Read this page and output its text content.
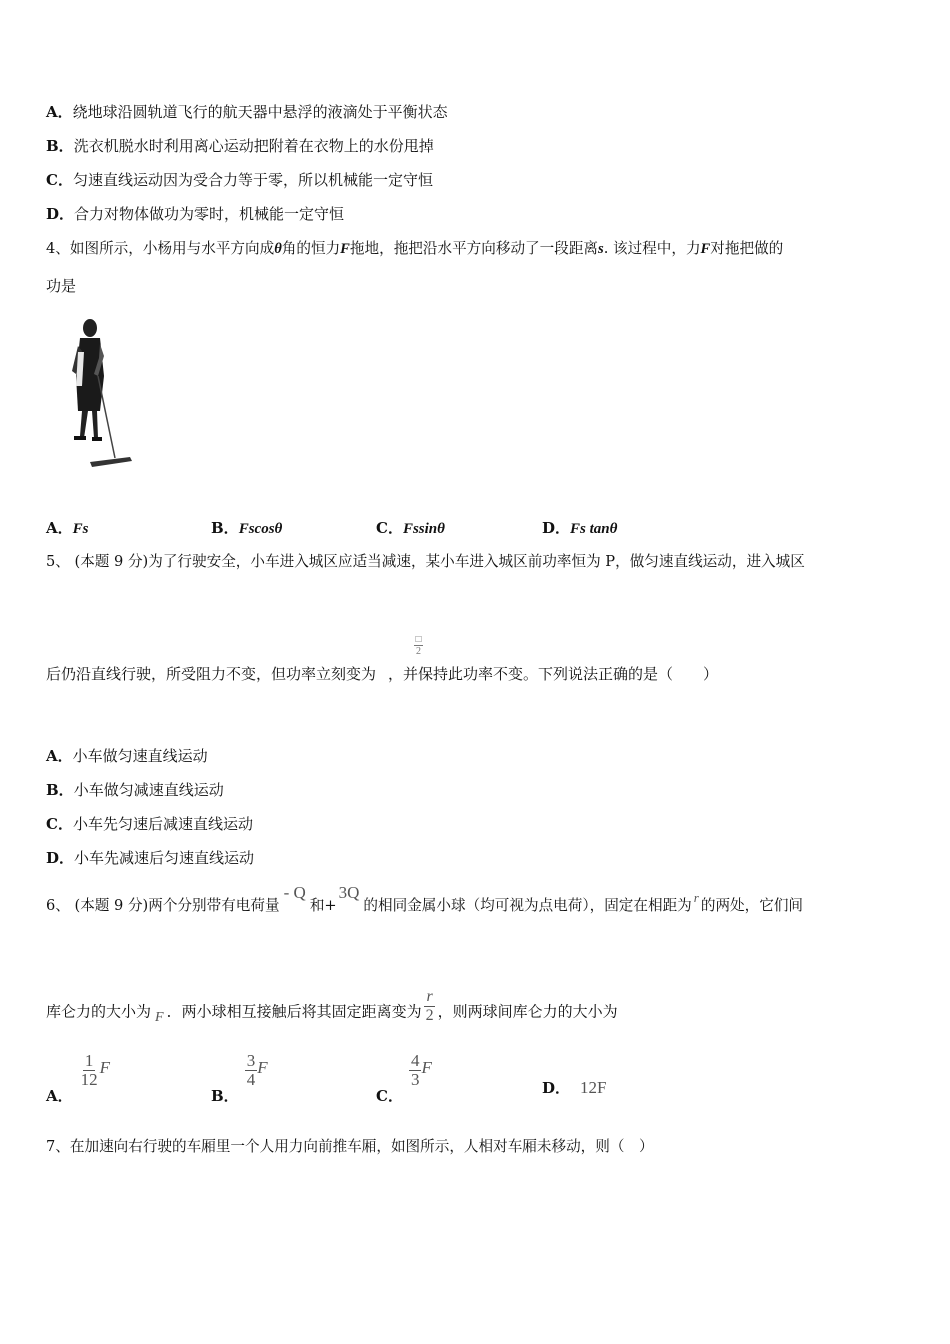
A．绕地球沿圆轨道飞行的航天器中悬浮的液滴处于平衡状态
B．洗衣机脱水时利用离心运动把附着在衣物上的水份甩掉
C．匀速直线运动因为受合力等于零，所以机械能一定守恒
D．合力对物体做功为零时，机械能一定守恒
4、如图所示，小杨用与水平方向成θ角的恒力F拖地，拖把沿水平方向移动了一段距离s. 该过程中，力F对拖把做的
功是
A．Fs	B．Fscosθ	C．Fssinθ	D．Fs tanθ
5、 (本题 9 分)为了行驶安全，小车进入城区应适当减速，某小车进入城区前功率恒为 P，做匀速直线运动，进入城区
□
2
后仍沿直线行驶，所受阻力不变，但功率立刻变为 ，并保持此功率不变。下列说法正确的是（　　）
A．小车做匀速直线运动
B．小车做匀减速直线运动
C．小车先匀速后减速直线运动
D．小车先减速后匀速直线运动
6、 (本题 9 分)两个分别带有电荷量- Q和+3Q的相同金属小球（均可视为点电荷），固定在相距为 r 的两处，它们间
库仑力的大小为 F ．两小球相互接触后将其固定距离变为 $\frac{r}{2}$ ，则两球间库仑力的大小为
A．
$\frac{1}{12}$ F
B．
$\frac{3}{4}$ F
C．
$\frac{4}{3}$ F
D． 12F
7、在加速向右行驶的车厢里一个人用力向前推车厢，如图所示，人相对车厢未移动，则（　）
